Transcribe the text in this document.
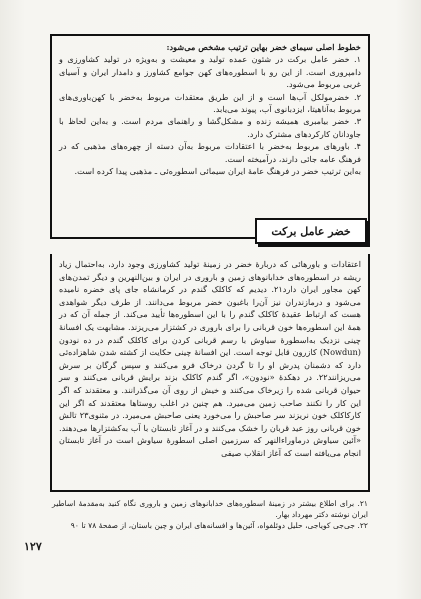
خطوط اصلی سیمای خضر بهاین ترتیب مشخص می‌شود:

۱. خضر عامل برکت در شئون عمده تولید و معیشت و به‌ویژه در تولید کشاورزی و دامپروری است. از این رو با اسطوره‌های کهن جوامع کشاورز و دامدار ایران و آسیای غربی مربوط می‌شود.

۲. خضرمولکل آب‌ها است و از این طریق معتقدات مربوط به‌خضر با کهن‌باوری‌های مربوط به‌آناهیتا، ایزدبانوی آب، پیوند می‌یابد.

۳. خضر بیامبری همیشه زنده و مشکل‌گشا و راهنمای مردم است. و به‌این لحاظ با جاودانان کارکردهای مشترک دارد.

۴. باورهای مربوط به‌خضر با اعتقادات مربوط به‌آن دسته از چهره‌های مذهبی که در فرهنگ عامه جائی دارند، درآمیخته است.

به‌این ترتیب خضر در فرهنگ عامهٔ ایران سیمائی اسطوره‌ئی ـ مذهبی پیدا کرده است.

خضر عامل برکت

اعتقادات و باورهائی که دربارهٔ خضر در زمینهٔ تولید کشاورزی وجود دارد، به‌احتمال زیاد ریشه در اسطوره‌های خدابانوهای زمین و باروری در ایران و بین‌النهرین و دیگر تمدن‌های کهن مجاور ایران دارد۲۱. دیدیم که کاکلک گندم در کرمانشاه جای پای خضره نامیده می‌شود و درمازندران نیز آن‌را باغبون خضر مربوط می‌دانند. از طرف دیگر شواهدی هست که ارتباط عقیدهٔ کاکلک گندم را با این اسطوره‌ها تأیید می‌کند. از جمله آن که در همهٔ این اسطوره‌ها خون قربانی را برای باروری در کشتزار می‌ریزند. مشابهت یک افسانهٔ چینی نزدیک به‌اسطورهٔ سیاوش با رسم قربانی کردن برای کاکلک گندم در ده نودون (Nowdun) کازرون قابل توجه است. این افسانهٔ چینی حکایت از کشته شدن شاهزاده‌ئی دارد که دشمنان پدرش او را تا گردن درخاک فرو می‌کنند و سپس گرگان بر سرش می‌ریزانند۲۲. در دهکدهٔ «نودون»، اگر گندم کاکلک بزند برایش قربانی می‌کنند و سر حیوان قربانی شده را زیرخاک می‌کنند و خیش از روی آن می‌گذرانند. و معتقدند که اگر این کار را نکنند صاحب زمین می‌میرد. هم چنین در اغلب روستاها معتقدند که اگر این کارکاکلک خون نریزند سر صاحبش را می‌خورد یعنی صاحبش می‌میرد. در مثنوی۲۳ تالش خون قربانی روز عید قربان را خشک می‌کنند و در آغاز تابستان با آب به‌کشتزارها می‌دهند. «آئین سیاوش درماوراءالنهر که سرزمین اصلی اسطورهٔ سیاوش است در آغاز تابستان انجام می‌یافته است که آغاز انقلاب صیفی

۲۱. برای اطلاع بیشتر در زمینهٔ اسطوره‌های خدابانوهای زمین و باروری نگاه کنید به‌مقدمهٔ اساطیر ایران نوشته دکتر مهرداد بهار.

۲۲. جی‌جی کویاجی، حلیل دوئلفواه، آئین‌ها و افسانه‌های ایران و چین باستان، از صفحهٔ ۷۸ تا ۹۰

۱۲۷
